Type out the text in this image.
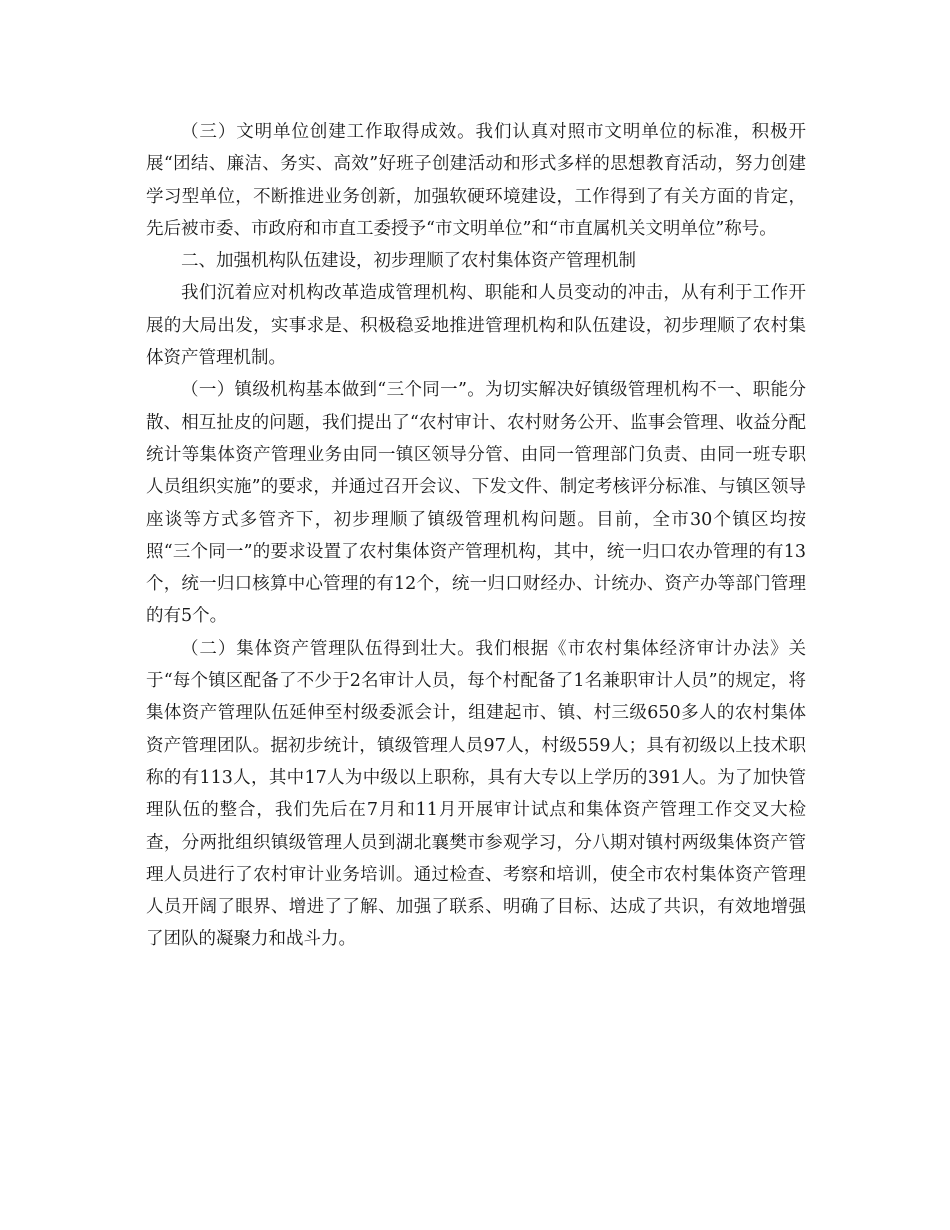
（三）文明单位创建工作取得成效。我们认真对照市文明单位的标准，积极开展“团结、廉洁、务实、高效”好班子创建活动和形式多样的思想教育活动，努力创建学习型单位，不断推进业务创新，加强软硬环境建设，工作得到了有关方面的肯定，先后被市委、市政府和市直工委授予“市文明单位”和“市直属机关文明单位”称号。

二、加强机构队伍建设，初步理顺了农村集体资产管理机制

我们沉着应对机构改革造成管理机构、职能和人员变动的冲击，从有利于工作开展的大局出发，实事求是、积极稳妥地推进管理机构和队伍建设，初步理顺了农村集体资产管理机制。

（一）镇级机构基本做到“三个同一”。为切实解决好镇级管理机构不一、职能分散、相互扯皮的问题，我们提出了“农村审计、农村财务公开、监事会管理、收益分配统计等集体资产管理业务由同一镇区领导分管、由同一管理部门负责、由同一班专职人员组织实施”的要求，并通过召开会议、下发文件、制定考核评分标准、与镇区领导座谈等方式多管齐下，初步理顺了镇级管理机构问题。目前，全市30个镇区均按照“三个同一”的要求设置了农村集体资产管理机构，其中，统一归口农办管理的有13个，统一归口核算中心管理的有12个，统一归口财经办、计统办、资产办等部门管理的有5个。

（二）集体资产管理队伍得到壮大。我们根据《市农村集体经济审计办法》关于“每个镇区配备了不少于2名审计人员，每个村配备了1名兼职审计人员”的规定，将集体资产管理队伍延伸至村级委派会计，组建起市、镇、村三级650多人的农村集体资产管理团队。据初步统计，镇级管理人员97人，村级559人；具有初级以上技术职称的有113人，其中17人为中级以上职称，具有大专以上学历的391人。为了加快管理队伍的整合，我们先后在7月和11月开展审计试点和集体资产管理工作交叉大检查，分两批组织镇级管理人员到湖北襄樊市参观学习，分八期对镇村两级集体资产管理人员进行了农村审计业务培训。通过检查、考察和培训，使全市农村集体资产管理人员开阔了眼界、增进了了解、加强了联系、明确了目标、达成了共识，有效地增强了团队的凝聚力和战斗力。
